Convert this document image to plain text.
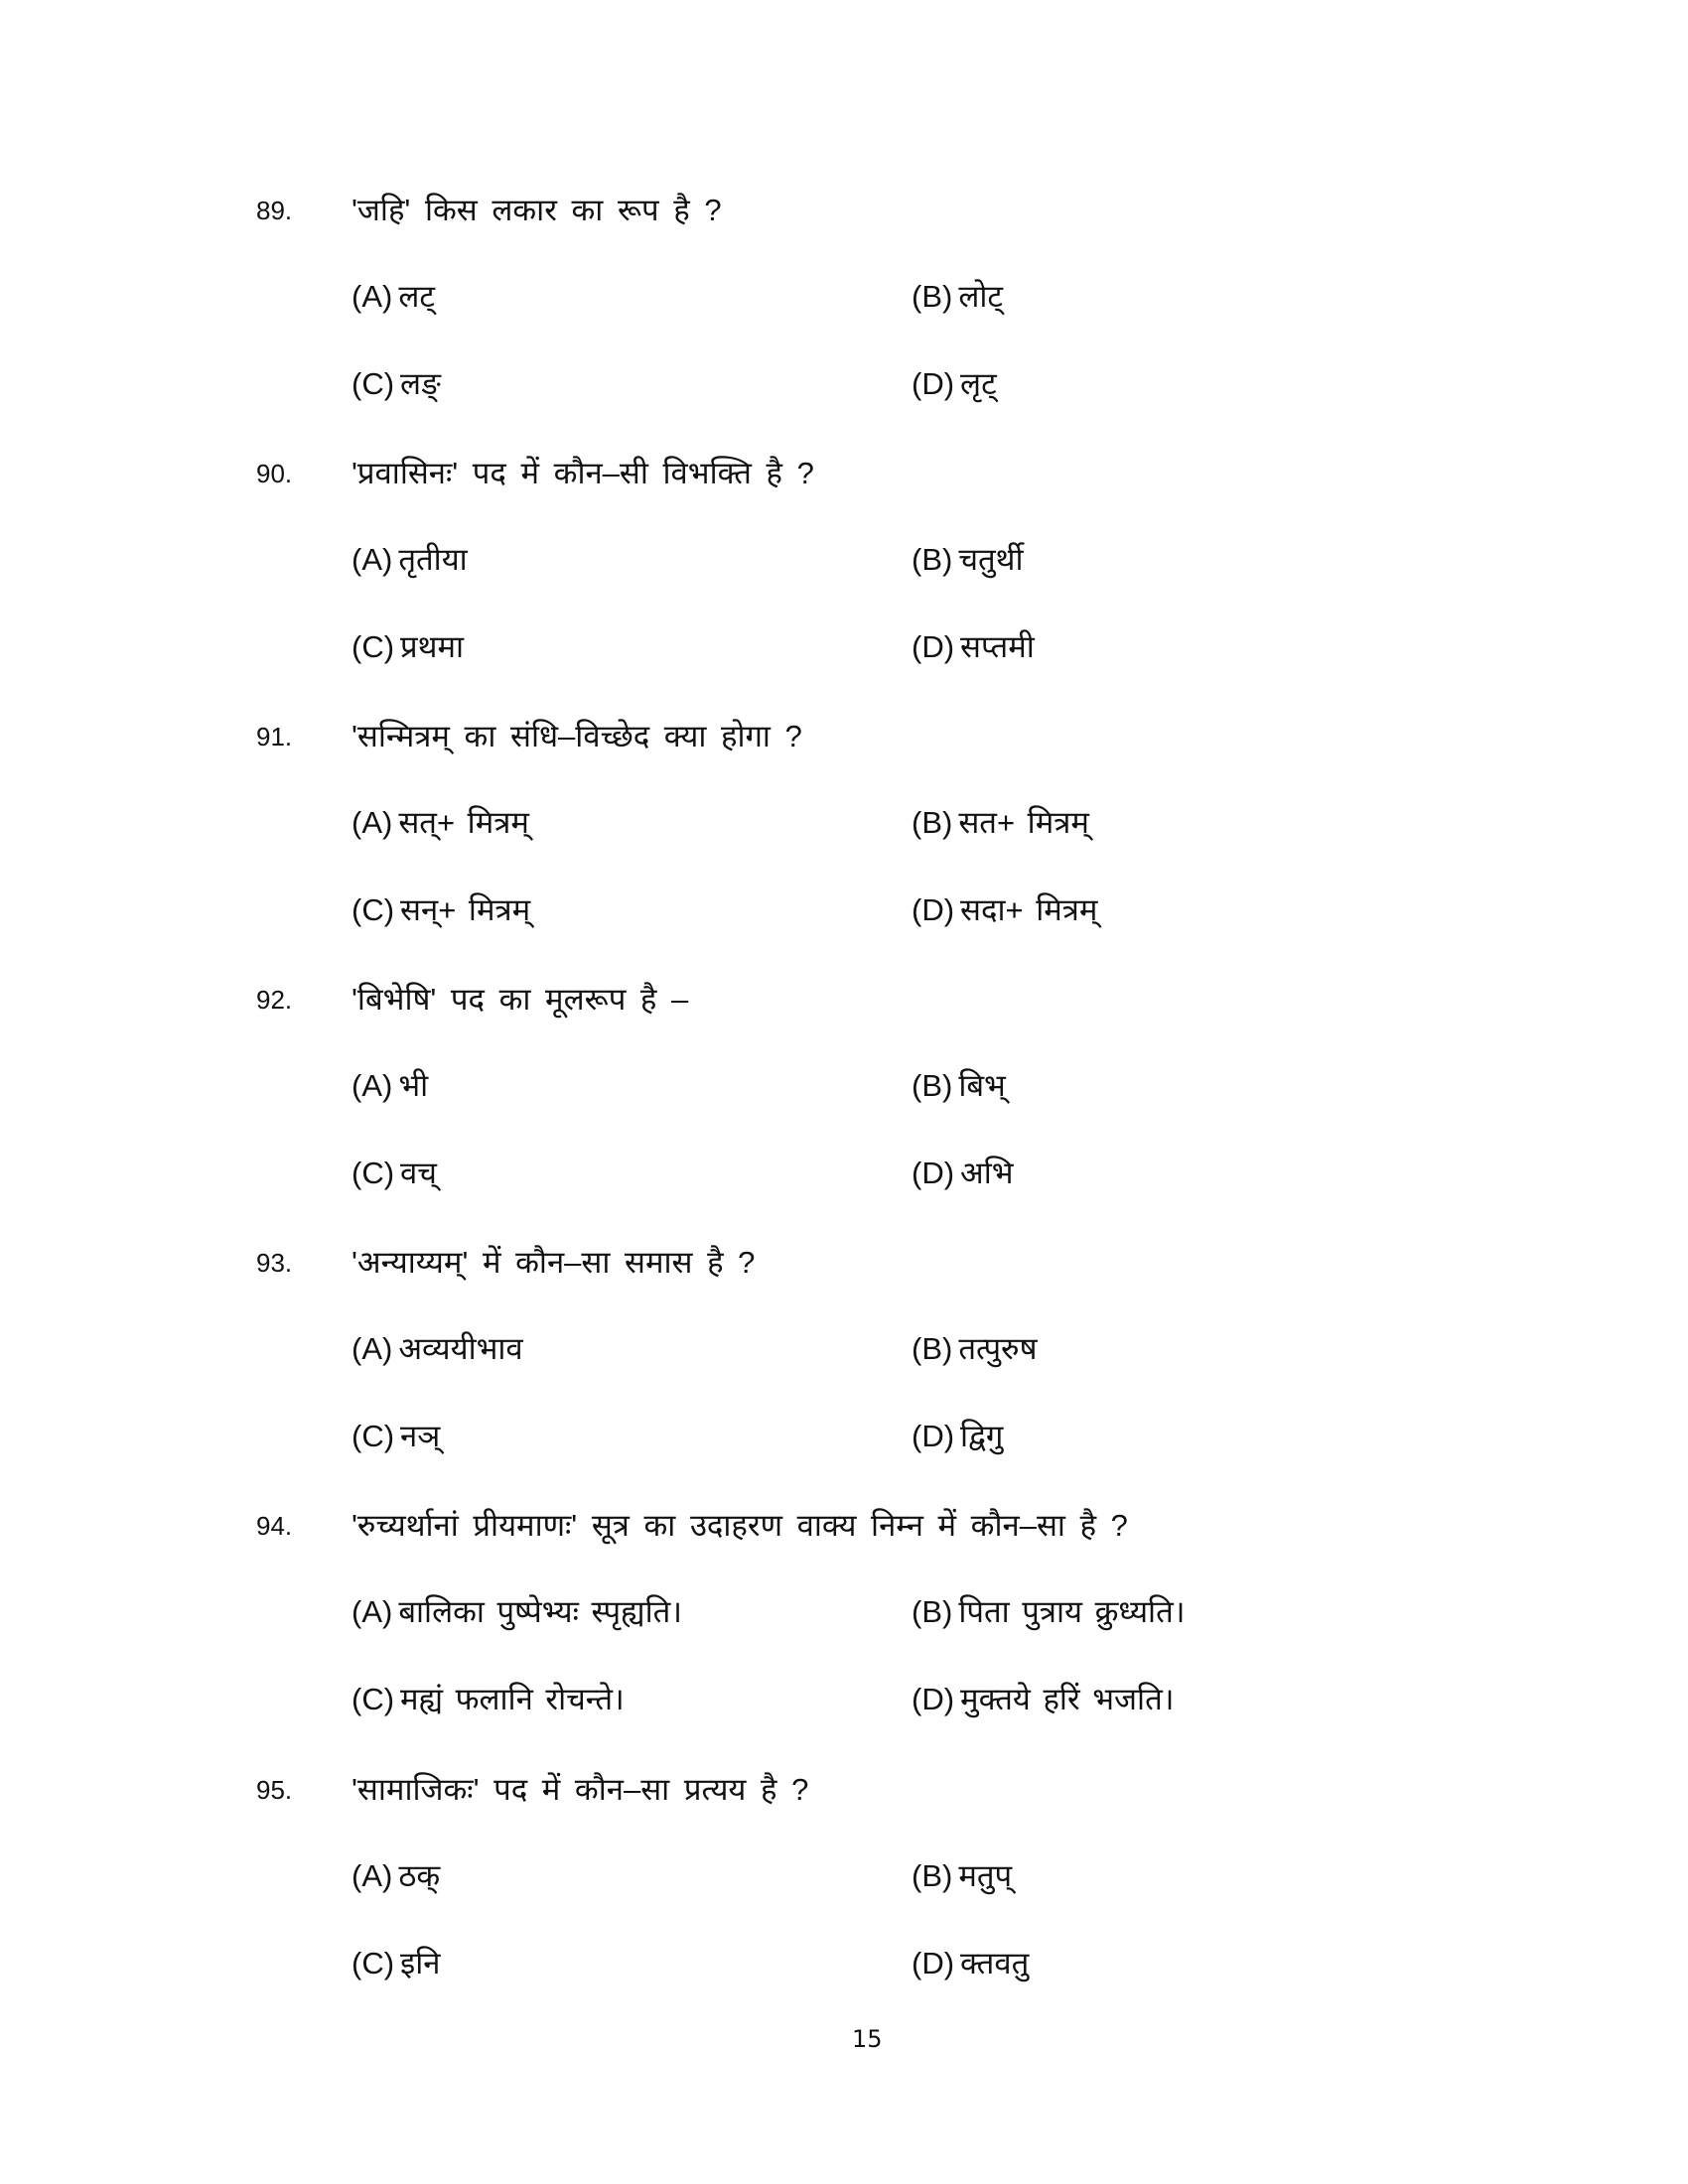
89. 'जहि' किस लकार का रूप है ?
(A) लट्	(B) लोट्
(C) लङ्	(D) लृट्
90. 'प्रवासिनः' पद में कौन–सी विभक्ति है ?
(A) तृतीया	(B) चतुर्थी
(C) प्रथमा	(D) सप्तमी
91. 'सन्मित्रम् का संधि–विच्छेद क्या होगा ?
(A) सत्+ मित्रम्	(B) सत+ मित्रम्
(C) सन्+ मित्रम्	(D) सदा+ मित्रम्
92. 'बिभेषि' पद का मूलरूप है –
(A) भी	(B) बिभ्
(C) वच्	(D) अभि
93. 'अन्याय्यम्' में कौन–सा समास है ?
(A) अव्ययीभाव	(B) तत्पुरुष
(C) नञ्	(D) द्विगु
94. 'रुच्यर्थानां प्रीयमाणः' सूत्र का उदाहरण वाक्य निम्न में कौन–सा है ?
(A) बालिका पुष्पेभ्यः स्पृह्यति।	(B) पिता पुत्राय क्रुध्यति।
(C) मह्यं फलानि रोचन्ते।	(D) मुक्तये हरिं भजति।
95. 'सामाजिकः' पद में कौन–सा प्रत्यय है ?
(A) ठक्	(B) मतुप्
(C) इनि	(D) क्तवतु
15
